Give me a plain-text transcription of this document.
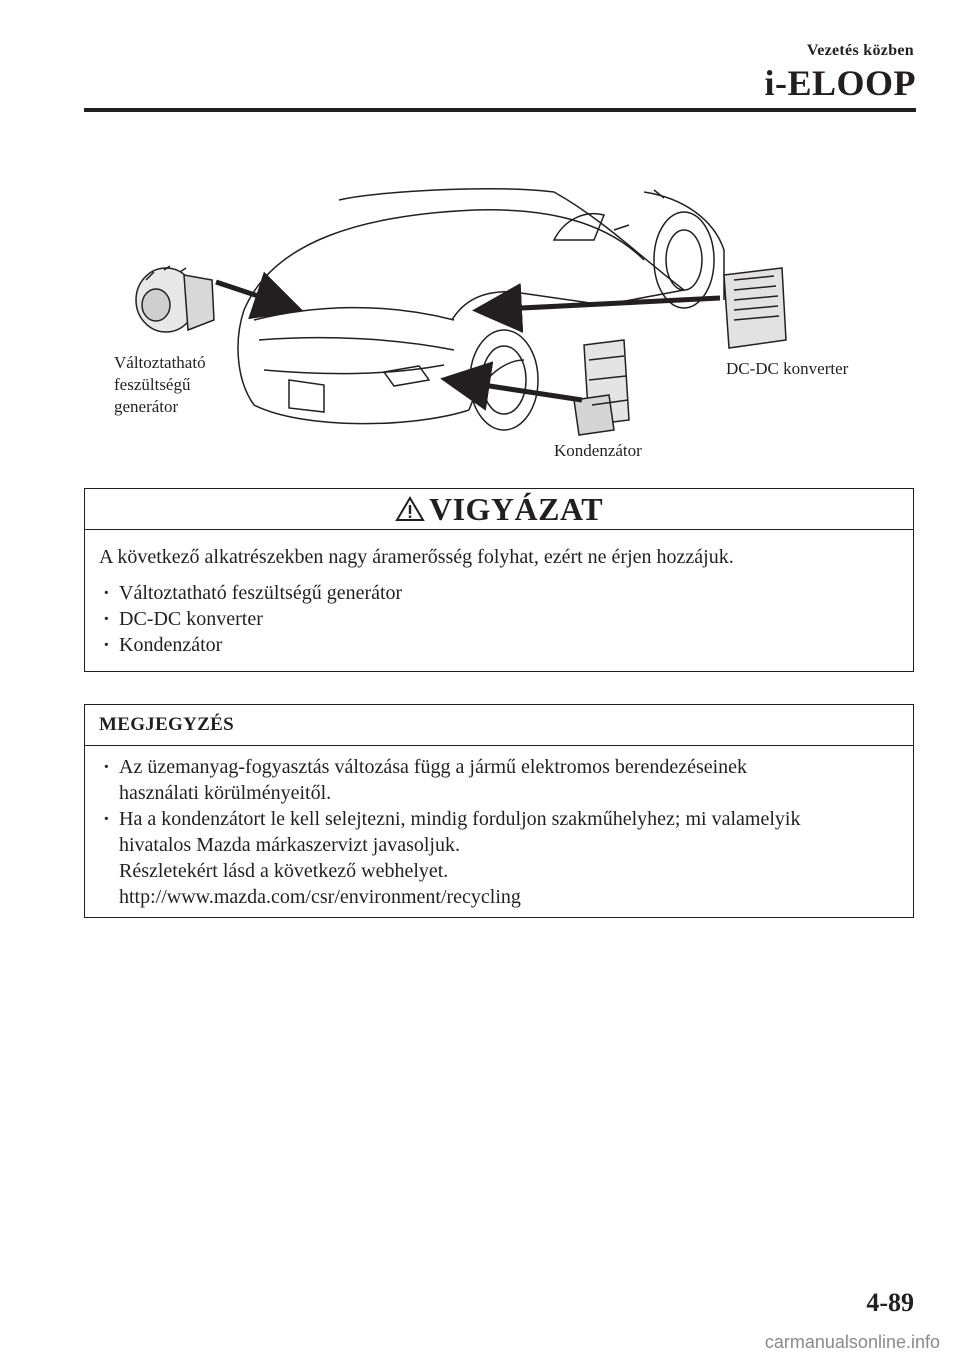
Vezetés közben
i-ELOOP
Változtatható feszültségű generátor
DC-DC konverter
Kondenzátor
VIGYÁZAT
A következő alkatrészekben nagy áramerősség folyhat, ezért ne érjen hozzájuk.
· Változtatható feszültségű generátor
· DC-DC konverter
· Kondenzátor
MEGJEGYZÉS
· Az üzemanyag-fogyasztás változása függ a jármű elektromos berendezéseinek
használati körülményeitől.
· Ha a kondenzátort le kell selejtezni, mindig forduljon szakműhelyhez; mi valamelyik
hivatalos Mazda márkaszervizt javasoljuk.
Részletekért lásd a következő webhelyet.
http://www.mazda.com/csr/environment/recycling
4-89
carmanualsonline.info
